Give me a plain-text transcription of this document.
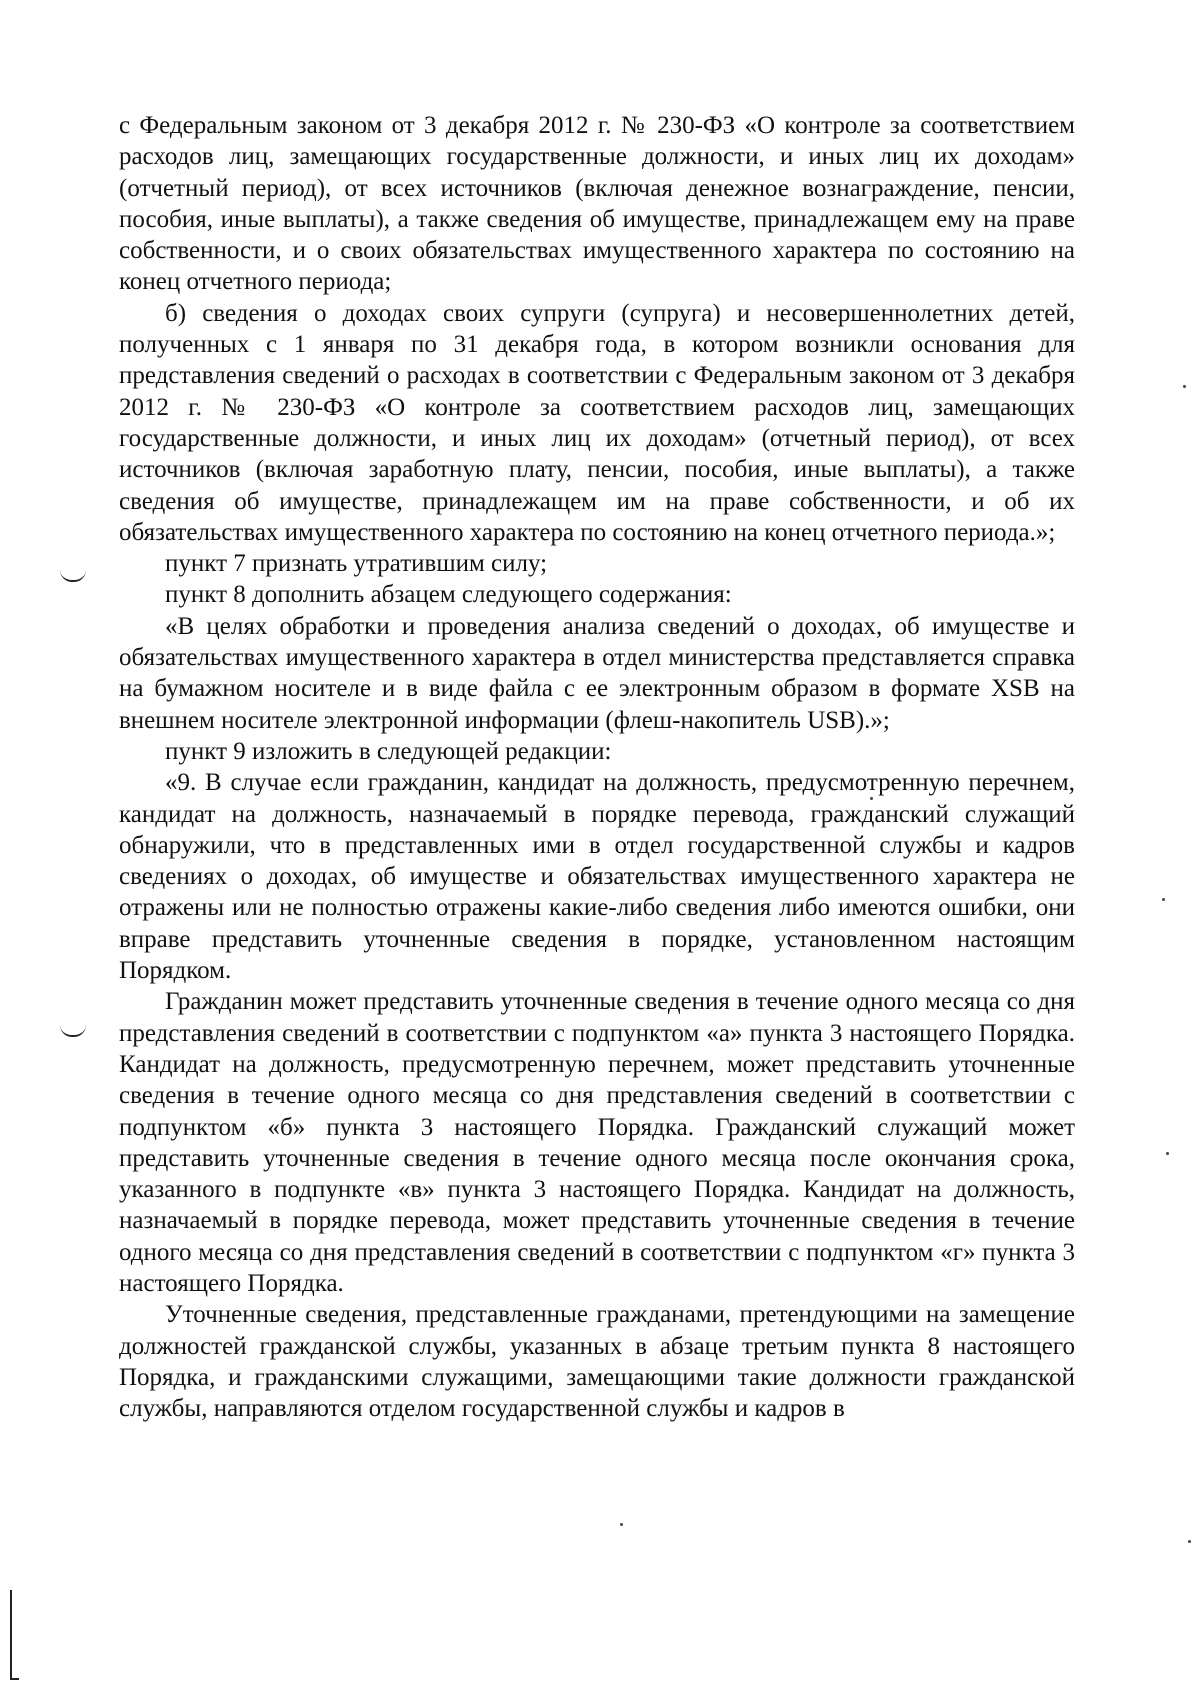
с Федеральным законом от 3 декабря 2012 г. № 230-ФЗ «О контроле за соответствием расходов лиц, замещающих государственные должности, и иных лиц их доходам» (отчетный период), от всех источников (включая денежное вознаграждение, пенсии, пособия, иные выплаты), а также сведения об имуществе, принадлежащем ему на праве собственности, и о своих обязательствах имущественного характера по состоянию на конец отчетного периода;

б) сведения о доходах своих супруги (супруга) и несовершеннолетних детей, полученных с 1 января по 31 декабря года, в котором возникли основания для представления сведений о расходах в соответствии с Федеральным законом от 3 декабря 2012 г. № 230-ФЗ «О контроле за соответствием расходов лиц, замещающих государственные должности, и иных лиц их доходам» (отчетный период), от всех источников (включая заработную плату, пенсии, пособия, иные выплаты), а также сведения об имуществе, принадлежащем им на праве собственности, и об их обязательствах имущественного характера по состоянию на конец отчетного периода.»;

пункт 7 признать утратившим силу;

пункт 8 дополнить абзацем следующего содержания:

«В целях обработки и проведения анализа сведений о доходах, об имуществе и обязательствах имущественного характера в отдел министерства представляется справка на бумажном носителе и в виде файла с ее электронным образом в формате XSB на внешнем носителе электронной информации (флеш-накопитель USB).»;

пункт 9 изложить в следующей редакции:

«9. В случае если гражданин, кандидат на должность, предусмотренную перечнем, кандидат на должность, назначаемый в порядке перевода, гражданский служащий обнаружили, что в представленных ими в отдел государственной службы и кадров сведениях о доходах, об имуществе и обязательствах имущественного характера не отражены или не полностью отражены какие-либо сведения либо имеются ошибки, они вправе представить уточненные сведения в порядке, установленном настоящим Порядком.

Гражданин может представить уточненные сведения в течение одного месяца со дня представления сведений в соответствии с подпунктом «а» пункта 3 настоящего Порядка. Кандидат на должность, предусмотренную перечнем, может представить уточненные сведения в течение одного месяца со дня представления сведений в соответствии с подпунктом «б» пункта 3 настоящего Порядка. Гражданский служащий может представить уточненные сведения в течение одного месяца после окончания срока, указанного в подпункте «в» пункта 3 настоящего Порядка. Кандидат на должность, назначаемый в порядке перевода, может представить уточненные сведения в течение одного месяца со дня представления сведений в соответствии с подпунктом «г» пункта 3 настоящего Порядка.

Уточненные сведения, представленные гражданами, претендующими на замещение должностей гражданской службы, указанных в абзаце третьим пункта 8 настоящего Порядка, и гражданскими служащими, замещающими такие должности гражданской службы, направляются отделом государственной службы и кадров в
